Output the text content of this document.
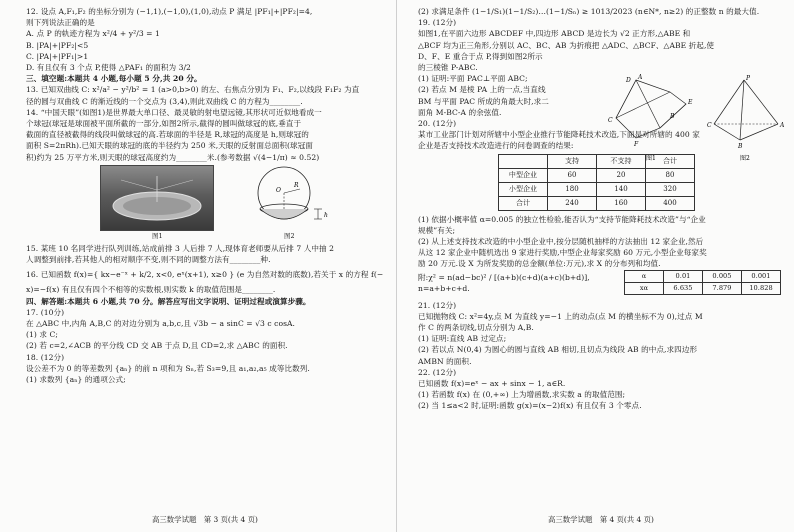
12. 设点 A,F₁,F₂ 的坐标分别为 (−1,1),(−1,0),(1,0),动点 P 满足 |PF₁|+|PF₂|=4,
则下列说法正确的是
A. 点 P 的轨迹方程为 x²/4 + y²/3 = 1
B. |PA|+|PF₂|<5
C. |PA|+|PF₁|>1
D. 有且仅有 3 个点 P,使得 △PAF₁ 的面积为 3/2
三、填空题:本题共 4 小题,每小题 5 分,共 20 分。
13. 已知双曲线 C: x²/a² − y²/b² = 1 (a>0,b>0) 的左、右焦点分别为 F₁、F₂,以线段 F₁F₂ 为直
径的圆与双曲线 C 的渐近线的一个交点为 (3,4),则此双曲线 C 的方程为________.
14. “中国天眼”(如图1)是世界最大单口径、最灵敏的射电望远镜,其形状可近似地看成一
个球冠(球冠是球面被平面所截的一部分,如图2所示,截得的圆叫做球冠的底,垂直于
截面的直径被截得的线段叫做球冠的高.若球面的半径是 R,球冠的高度是 h,则球冠的
面积 S=2πRh).已知天眼的球冠的底的半径约为 250 米,天眼的反射面总面积(球冠面
积)约为 25 万平方米,则天眼的球冠高度约为________米.(参考数据 √(4−1/π) ≈ 0.52)
图1
h
O
R
图2
15. 某班 10 名同学进行队列训练,站成前排 3 人后排 7 人,现体育老师要从后排 7 人中抽 2
人调整到前排,若其他人的相对顺序不变,则不同的调整方法有________种.
16. 已知函数 f(x)={ kx−e⁻ˣ + k/2, x<0, eˣ(x+1), x≥0 } (e 为自然对数的底数),若关于 x 的方程 f(−
x)=−f(x) 有且仅有四个不相等的实数根,则实数 k 的取值范围是________.
四、解答题:本题共 6 小题,共 70 分。解答应写出文字说明、证明过程或演算步骤。
17. (10分)
在 △ABC 中,内角 A,B,C 的对边分别为 a,b,c,且 √3b − a sinC = √3 c cosA.
(1) 求 C;
(2) 若 c=2,∠ACB 的平分线 CD 交 AB 于点 D,且 CD=2,求 △ABC 的面积.
18. (12分)
设公差不为 0 的等差数列 {aₙ} 的前 n 项和为 Sₙ,若 S₃=9,且 a₁,a₂,a₅ 成等比数列.
(1) 求数列 {aₙ} 的通项公式;
高三数学试题　第 3 页(共 4 页)
(2) 求满足条件 (1−1/S₁)(1−1/S₂)…(1−1/Sₙ) ≥ 1013/2023 (n∈N*, n≥2) 的正整数 n 的最大值.
19. (12分)
如图1,在平面六边形 ABCDEF 中,四边形 ABCD 是边长为 √2 正方形,△ABE 和
△BCF 均为正三角形,分别以 AC、BC、AB 为折痕把 △ADC、△BCF、△ABE 折起,使
D、F、E 重合于点 P,得到如图2所示
的三棱锥 P-ABC.
(1) 证明:平面 PAC⊥平面 ABC;
(2) 若点 M 是棱 PA 上的一点,当直线
BM 与平面 PAC 所成的角最大时,求二
面角 M-BC-A 的余弦值.
20. (12分)
某市工业部门计划对所辖中小型企业推行节能降耗技术改造,下面是对所辖的 400 家
企业是否支持技术改造进行的问卷调查的结果:
	支持	不支持	合计
中型企业	60	20	80
小型企业	180	140	320
合计	240	160	400
(1) 依据小概率值 α=0.005 的独立性检验,能否认为“支持节能降耗技术改造”与“企业
规模”有关;
(2) 从上述支持技术改造的中小型企业中,按分层随机抽样的方法抽出 12 家企业,然后
从这 12 家企业中随机选出 9 家进行奖励,中型企业每家奖励 60 万元,小型企业每家奖
励 20 万元.设 X 为所发奖励的总金额(单位:万元),求 X 的分布列和均值.
附:χ² = n(ad−bc)² / [(a+b)(c+d)(a+c)(b+d)],
n=a+b+c+d.
α	0.01	0.005	0.001
xα	6.635	7.879	10.828
21. (12分)
已知抛物线 C: x²=4y,点 M 为直线 y=−1 上的动点(点 M 的横坐标不为 0),过点 M
作 C 的两条切线,切点分别为 A,B.
(1) 证明:直线 AB 过定点;
(2) 若以点 N(0,4) 为圆心的圆与直线 AB 相切,且切点为线段 AB 的中点,求四边形
AMBN 的面积.
22. (12分)
已知函数 f(x)=eˣ − ax + sinx − 1, a∈R.
(1) 若函数 f(x) 在 (0,+∞) 上为增函数,求实数 a 的取值范围;
(2) 当 1≤a<2 时,证明:函数 g(x)=(x−2)f(x) 有且仅有 3 个零点.
A
B
C
D
E
F
图1
P
A
B
C
图2
高三数学试题　第 4 页(共 4 页)
